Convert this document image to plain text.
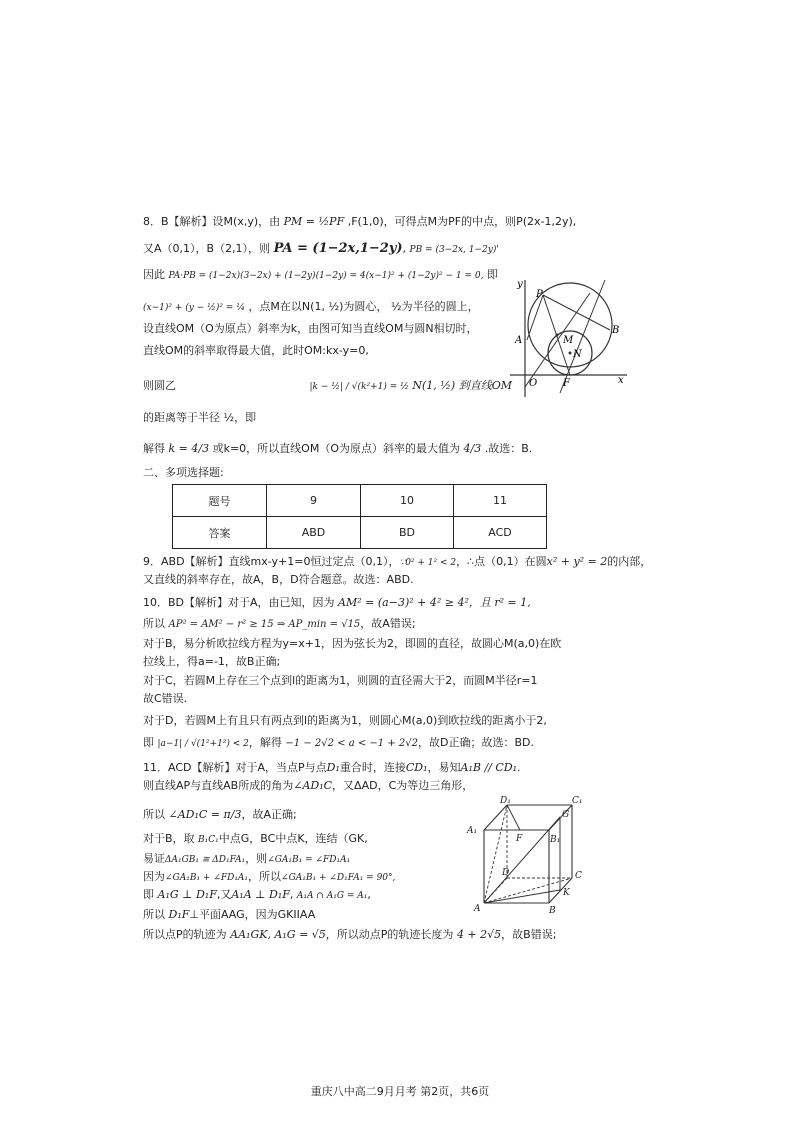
8．B【解析】设M(x,y)，由 PM = ½PF ,F(1,0)，可得点M为PF的中点，则P(2x-1,2y),
又A（0,1），B（2,1），则 PA = (1−2x,1−2y), PB = (3−2x, 1−2y)'
因此 PA·PB = (1−2x)(3−2x) + (1−2y)(1−2y) = 4(x−1)² + (1−2y)² − 1 = 0, 即
(x−1)² + (y − ½)² = ¼ ，点M在以N(1, ½)为圆心， ½为半径的圆上，
设直线OM（O为原点）斜率为k，由图可知当直线OM与圆N相切时，
直线OM的斜率取得最大值，此时OM:kx-y=0,
则圆乙	|k − ½| / √(k²+1) = ½ N(1, ½) 到直线OM
的距离等于半径 ½，即
解得 k = 4/3 或k=0，所以直线OM（O为原点）斜率的最大值为 4/3 .故选：B.
y
P
A	M
N
B
O	F	x
二、多项选择题:
题号	9	10	11
答案	ABD	BD	ACD
9．ABD【解析】直线mx-y+1=0恒过定点（0,1），∵0² + 1² < 2，∴点（0,1）在圆x² + y² = 2的内部，
又直线的斜率存在，故A，B，D符合题意。故选：ABD.
10．BD【解析】对于A，由已知，因为 AM² = (a−3)² + 4² ≥ 4²，且 r² = 1,
所以 AP² = AM² − r² ≥ 15 ⇒ AP_min = √15，故A错误;
对于B，易分析欧拉线方程为y=x+1，因为弦长为2，即圆的直径，故圆心M(a,0)在欧
拉线上，得a=-1，故B正确;
对于C，若圆M上存在三个点到l的距离为1，则圆的直径需大于2，而圆M半径r=1
故C错误.
对于D，若圆M上有且只有两点到l的距离为1，则圆心M(a,0)到欧拉线的距离小于2,
即 |a−1| / √(1²+1²) < 2，解得 −1 − 2√2 < a < −1 + 2√2，故D正确；故选：BD.
11．ACD【解析】对于A，当点P与点D₁重合时，连接CD₁，易知A₁B // CD₁.
则直线AP与直线AB所成的角为∠AD₁C，又ΔAD，C为等边三角形，
所以 ∠AD₁C = π/3，故A正确;
对于B，取 B₁C₁中点G，BC中点K，连结（GK,
易证ΔA₁GB₁ ≅ ΔD₁FA₁，则∠GA₁B₁ = ∠FD₁A₁
因为∠GA₁B₁ + ∠FD₁A₁，所以∠GA₁B₁ + ∠D₁FA₁ = 90°,
即 A₁G ⊥ D₁F,又A₁A ⊥ D₁F, A₁A ∩ A₁G = A₁,
所以 D₁F⊥平面AAG，因为GKIIAA
所以点P的轨迹为 AA₁GK, A₁G = √5，所以动点P的轨迹长度为 4 + 2√5，故B错误;
D₁	C₁
A₁
F	B₁
G
D	C
A
K
B
重庆八中高二9月月考 第2页，共6页
